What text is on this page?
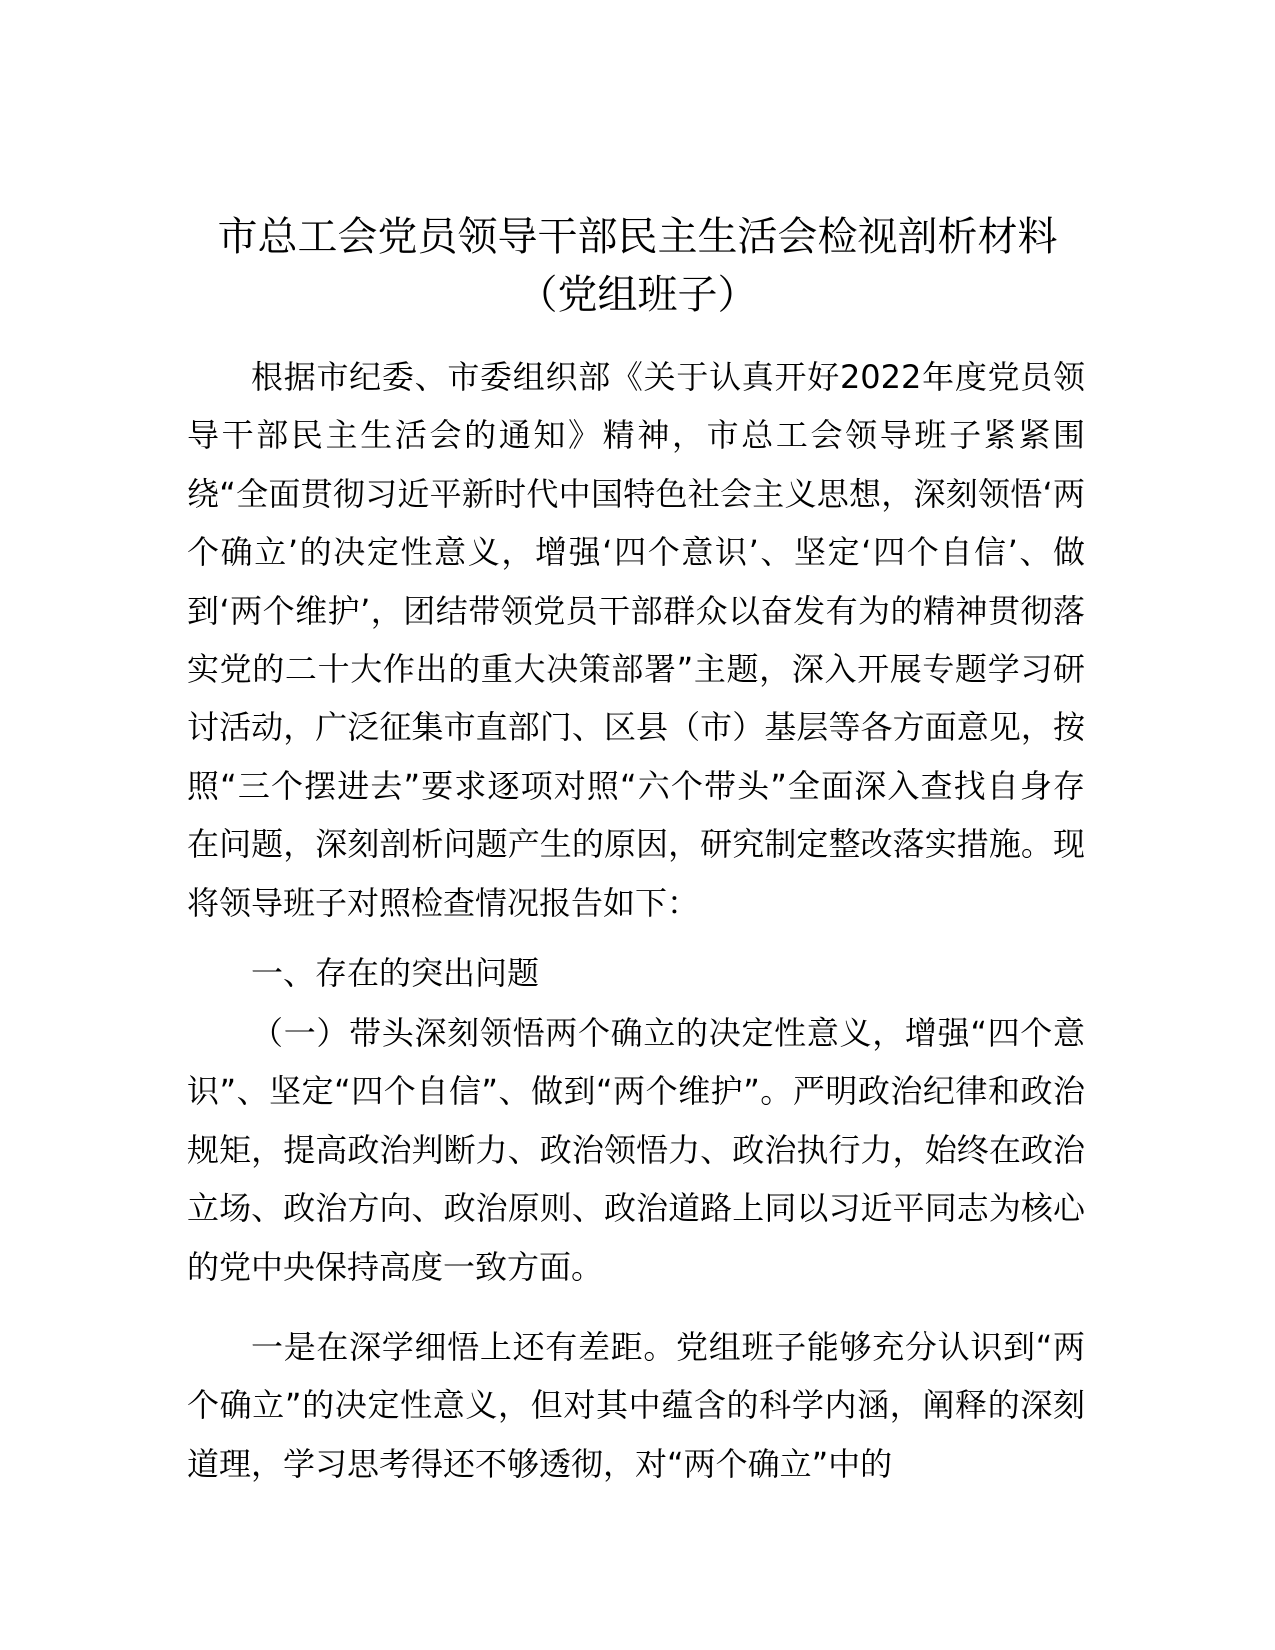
市总工会党员领导干部民主生活会检视剖析材料（党组班子）

根据市纪委、市委组织部《关于认真开好2022年度党员领导干部民主生活会的通知》精神，市总工会领导班子紧紧围绕“全面贯彻习近平新时代中国特色社会主义思想，深刻领悟‘两个确立’的决定性意义，增强‘四个意识’、坚定‘四个自信’、做到‘两个维护’，团结带领党员干部群众以奋发有为的精神贯彻落实党的二十大作出的重大决策部署”主题，深入开展专题学习研讨活动，广泛征集市直部门、区县（市）基层等各方面意见，按照“三个摆进去”要求逐项对照“六个带头”全面深入查找自身存在问题，深刻剖析问题产生的原因，研究制定整改落实措施。现将领导班子对照检查情况报告如下：

一、存在的突出问题

（一）带头深刻领悟两个确立的决定性意义，增强“四个意识”、坚定“四个自信”、做到“两个维护”。严明政治纪律和政治规矩，提高政治判断力、政治领悟力、政治执行力，始终在政治立场、政治方向、政治原则、政治道路上同以习近平同志为核心的党中央保持高度一致方面。

一是在深学细悟上还有差距。党组班子能够充分认识到“两个确立”的决定性意义，但对其中蕴含的科学内涵，阐释的深刻道理，学习思考得还不够透彻，对“两个确立”中的
